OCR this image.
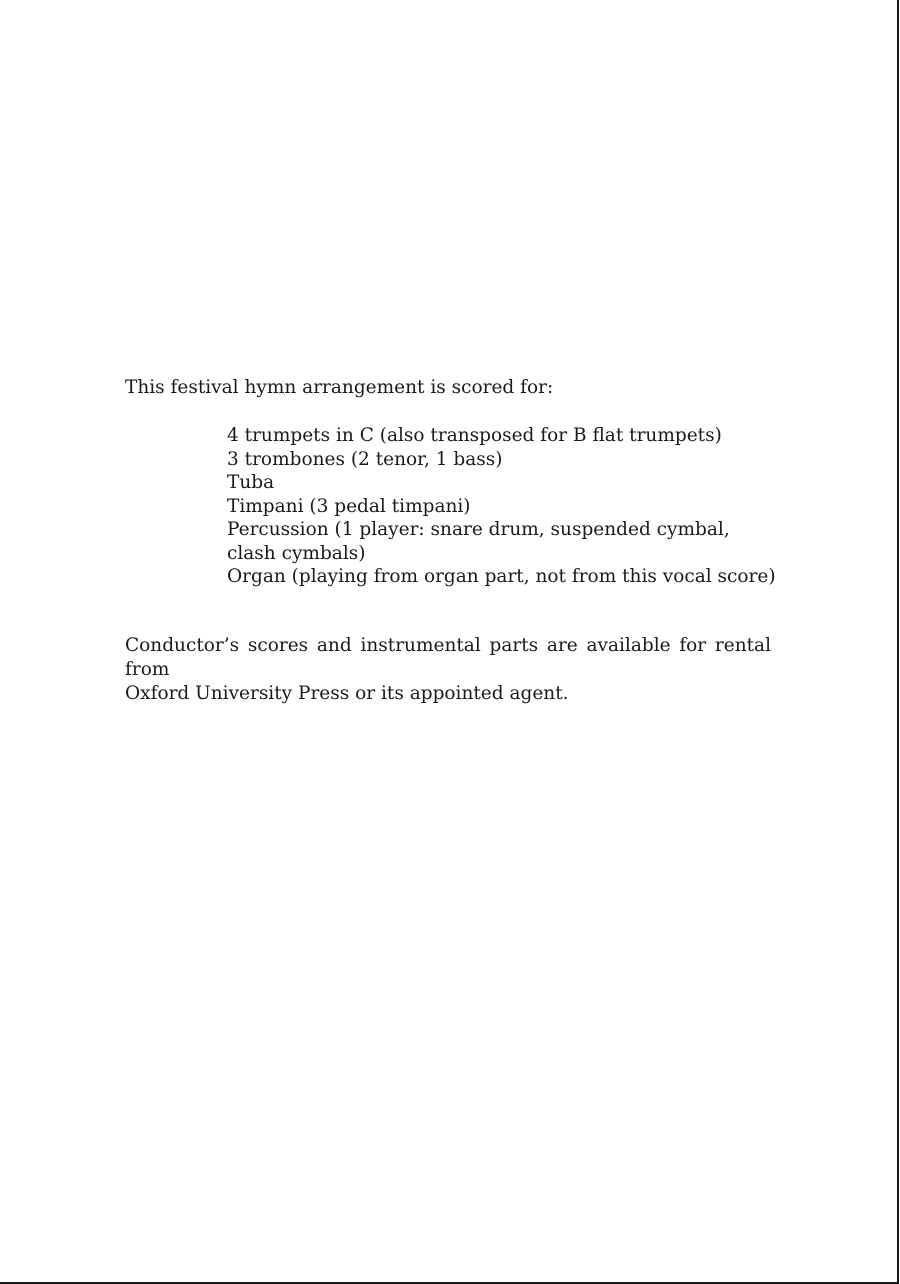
This festival hymn arrangement is scored for:

4 trumpets in C (also transposed for B flat trumpets)
3 trombones (2 tenor, 1 bass)
Tuba
Timpani (3 pedal timpani)
Percussion (1 player: snare drum, suspended cymbal,
clash cymbals)
Organ (playing from organ part, not from this vocal score)

Conductor’s scores and instrumental parts are available for rental from
Oxford University Press or its appointed agent.
